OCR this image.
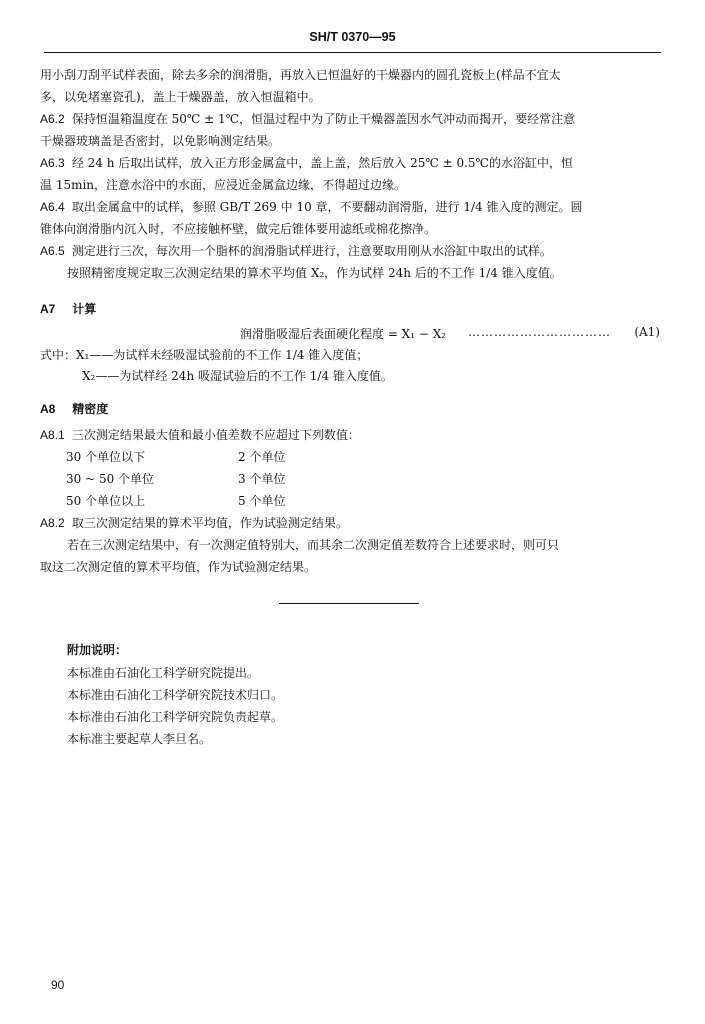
SH/T 0370—95
用小刮刀刮平试样表面，除去多余的润滑脂，再放入已恒温好的干燥器内的圆孔瓷板上(样品不宜太
多，以免堵塞瓷孔)，盖上干燥器盖，放入恒温箱中。
A6.2 保持恒温箱温度在 50℃ ± 1℃，恒温过程中为了防止干燥器盖因水气冲动而揭开，要经常注意
干燥器玻璃盖是否密封，以免影响测定结果。
A6.3 经 24 h 后取出试样，放入正方形金属盒中，盖上盖，然后放入 25℃ ± 0.5℃的水浴缸中，恒
温 15min，注意水浴中的水面，应浸近金属盒边缘，不得超过边缘。
A6.4 取出金属盒中的试样，参照 GB/T 269 中 10 章，不要翻动润滑脂，进行 1/4 锥入度的测定。圆
锥体向润滑脂内沉入时，不应接触杯壁，做完后锥体要用滤纸或棉花擦净。
A6.5 测定进行三次，每次用一个脂杯的润滑脂试样进行，注意要取用刚从水浴缸中取出的试样。
按照精密度规定取三次测定结果的算术平均值 X₂，作为试样 24h 后的不工作 1/4 锥入度值。
A7 计算
润滑脂吸湿后表面硬化程度 = X₁ − X₂ …………………………… (A1)
式中：X₁——为试样未经吸湿试验前的不工作 1/4 锥入度值；
X₂——为试样经 24h 吸湿试验后的不工作 1/4 锥入度值。
A8 精密度
A8.1 三次测定结果最大值和最小值差数不应超过下列数值：
30 个单位以下	2 个单位
30 ~ 50 个单位	3 个单位
50 个单位以上	5 个单位
A8.2 取三次测定结果的算术平均值，作为试验测定结果。
若在三次测定结果中，有一次测定值特别大，而其余二次测定值差数符合上述要求时，则可只
取这二次测定值的算术平均值，作为试验测定结果。
附加说明：
本标准由石油化工科学研究院提出。
本标准由石油化工科学研究院技术归口。
本标准由石油化工科学研究院负责起草。
本标准主要起草人李旦名。
90
